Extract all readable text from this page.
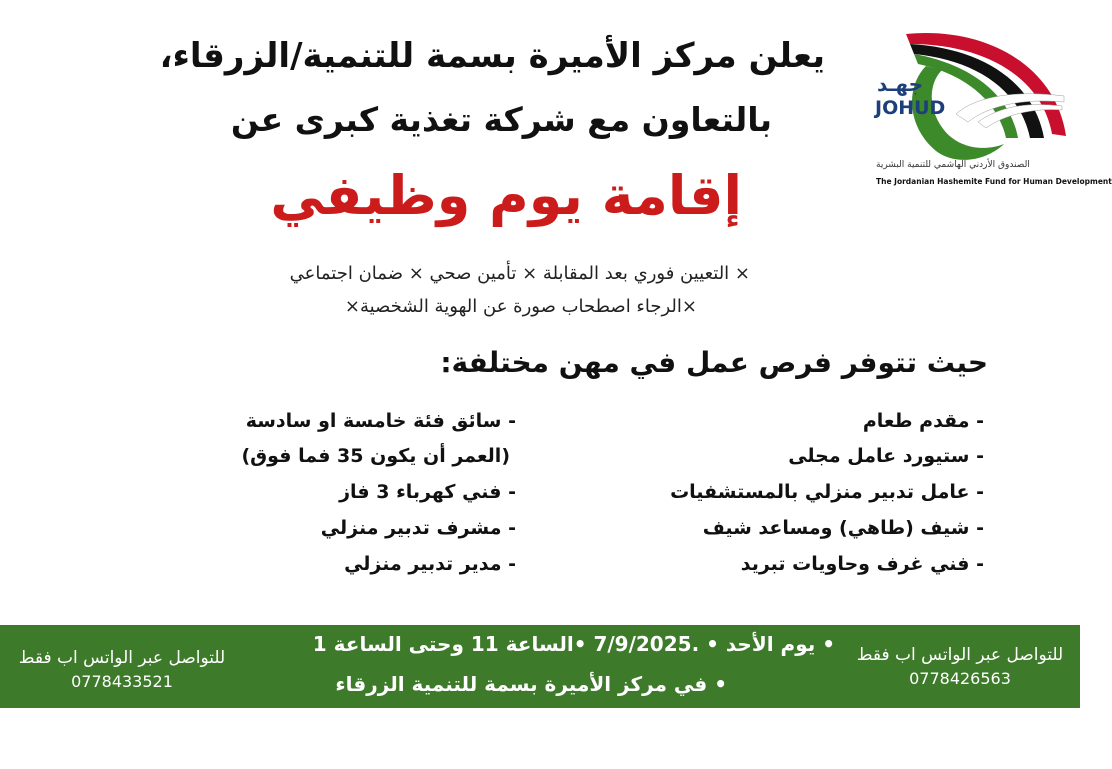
جهـد
JOHUD
الصندوق الأردني الهاشمي للتنمية البشرية
The Jordanian Hashemite Fund for Human Development
يعلن مركز الأميرة بسمة للتنمية/الزرقاء،
بالتعاون مع شركة تغذية كبرى عن
إقامة يوم وظيفي
× التعيين فوري بعد المقابلة × تأمين صحي × ضمان اجتماعي
×الرجاء اصطحاب صورة عن الهوية الشخصية×
حيث تتوفر فرص عمل في مهن مختلفة:
- مقدم طعام
- ستيورد عامل مجلى
- عامل تدبير منزلي بالمستشفيات
- شيف (طاهي) ومساعد شيف
- فني غرف وحاويات تبريد
- سائق فئة خامسة او سادسة
(العمر أن يكون 35 فما فوق)
- فني كهرباء 3 فاز
- مشرف تدبير منزلي
- مدير تدبير منزلي
للتواصل عبر الواتس اب فقط
0778426563
للتواصل عبر الواتس اب فقط
0778433521
• يوم الأحد • .7/9/2025 •الساعة 11 وحتى الساعة 1
• في مركز الأميرة بسمة للتنمية الزرقاء
